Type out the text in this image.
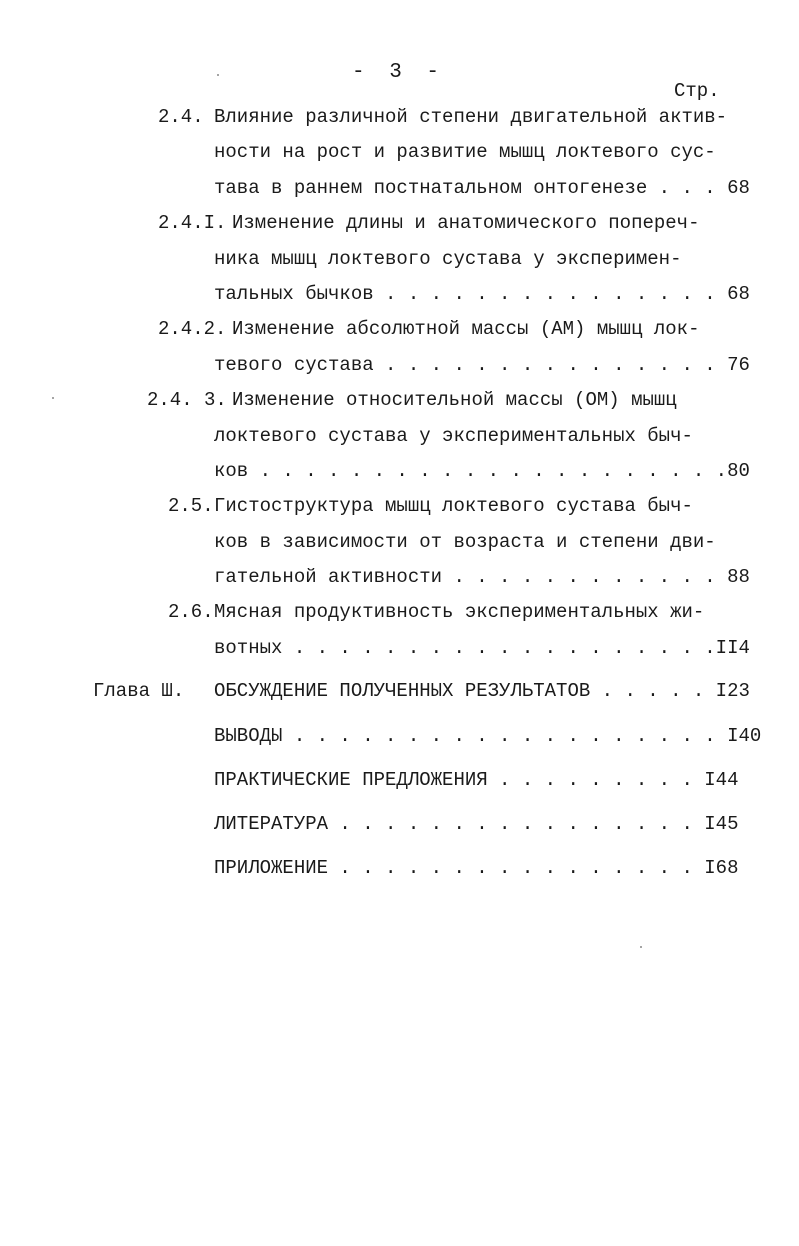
- 3 -
Стр.
2.4. Влияние различной степени двигательной актив-
ности на рост и развитие мышц локтевого сус-
тава в раннем постнатальном онтогенезе . . . 68
2.4.I. Изменение длины и анатомического попереч-
ника мышц локтевого сустава у эксперимен-
тальных бычков . . . . . . . . . . . . . . . 68
2.4.2. Изменение абсолютной массы (АМ) мышц лок-
тевого сустава . . . . . . . . . . . . . . . 76
2.4. 3. Изменение относительной массы (ОМ) мышц
локтевого сустава у экспериментальных быч-
ков . . . . . . . . . . . . . . . . . . . . .80
2.5. Гистоструктура мышц локтевого сустава быч-
ков в зависимости от возраста и степени дви-
гательной активности . . . . . . . . . . . . 88
2.6. Мясная продуктивность экспериментальных жи-
вотных . . . . . . . . . . . . . . . . . . .II4
Глава Ш. ОБСУЖДЕНИЕ ПОЛУЧЕННЫХ РЕЗУЛЬТАТОВ . . . . . I23
ВЫВОДЫ . . . . . . . . . . . . . . . . . . . I40
ПРАКТИЧЕСКИЕ ПРЕДЛОЖЕНИЯ . . . . . . . . . I44
ЛИТЕРАТУРА . . . . . . . . . . . . . . . . I45
ПРИЛОЖЕНИЕ . . . . . . . . . . . . . . . . I68
